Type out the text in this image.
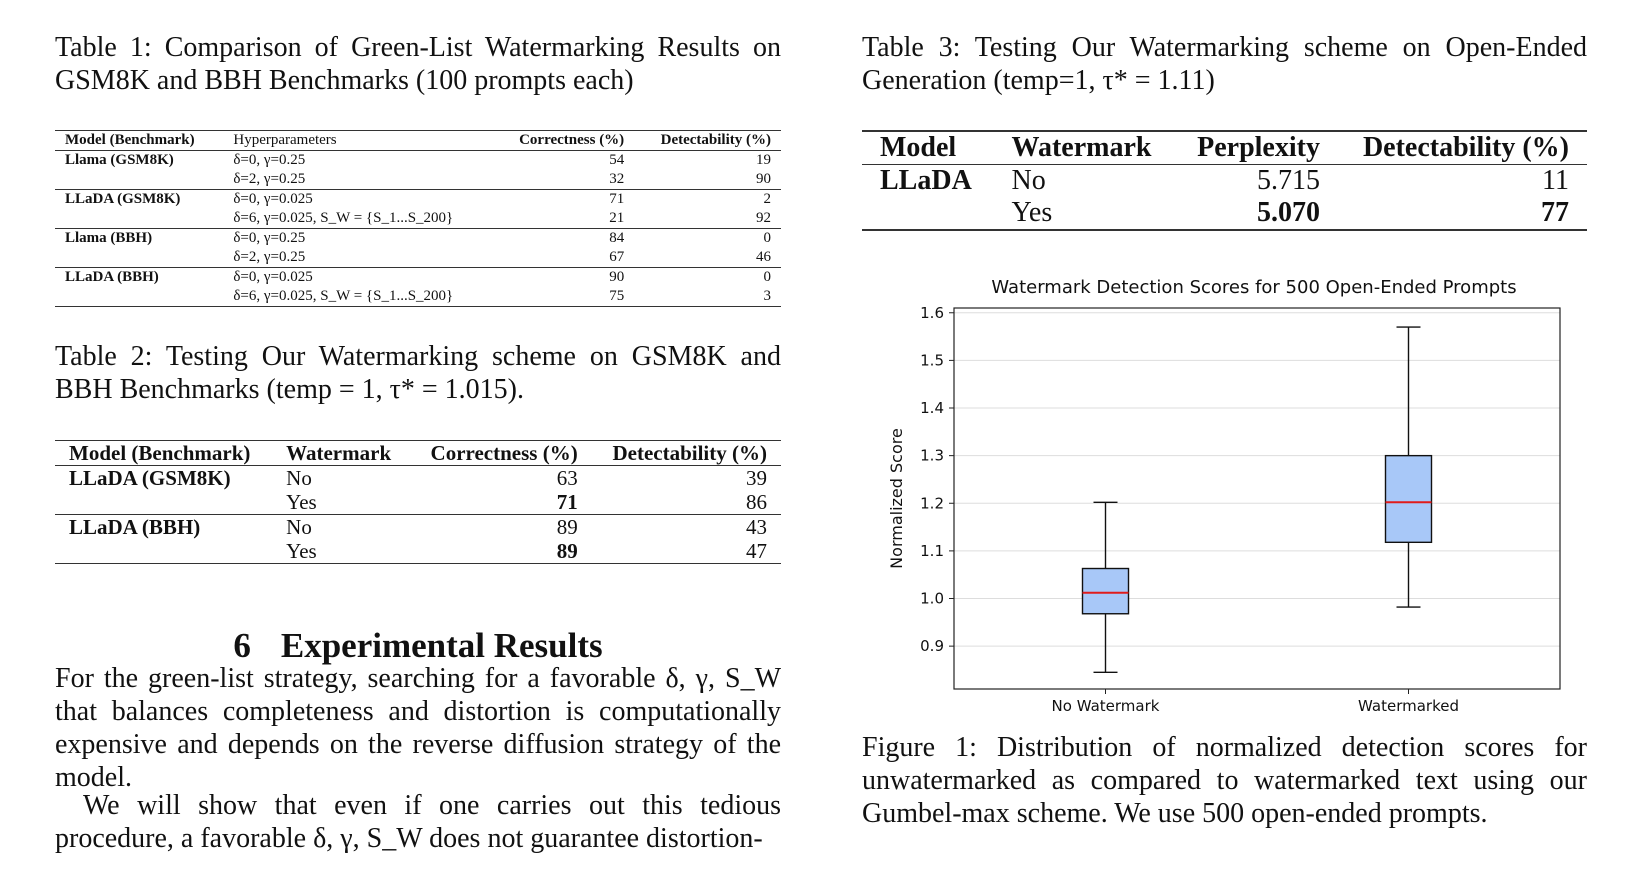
Table 1: Comparison of Green-List Watermarking Results on GSM8K and BBH Benchmarks (100 prompts each)

Model (Benchmark)	Hyperparameters	Correctness (%)	Detectability (%)
Llama (GSM8K)	δ=0, γ=0.25	54	19
	δ=2, γ=0.25	32	90
LLaDA (GSM8K)	δ=0, γ=0.025	71	2
	δ=6, γ=0.025, S_W = {S_1...S_200}	21	92
Llama (BBH)	δ=0, γ=0.25	84	0
	δ=2, γ=0.25	67	46
LLaDA (BBH)	δ=0, γ=0.025	90	0
	δ=6, γ=0.025, S_W = {S_1...S_200}	75	3

Table 2: Testing Our Watermarking scheme on GSM8K and BBH Benchmarks (temp = 1, τ* = 1.015).

Model (Benchmark)	Watermark	Correctness (%)	Detectability (%)
LLaDA (GSM8K)	No	63	39
	Yes	71	86
LLaDA (BBH)	No	89	43
	Yes	89	47
6 Experimental Results

For the green-list strategy, searching for a favorable δ, γ, S_W that balances completeness and distortion is computationally expensive and depends on the reverse diffusion strategy of the model.

We will show that even if one carries out this tedious procedure, a favorable δ, γ, S_W does not guarantee distortion-

Table 3: Testing Our Watermarking scheme on Open-Ended Generation (temp=1, τ* = 1.11)

Model	Watermark	Perplexity	Detectability (%)
LLaDA	No	5.715	11
	Yes	5.070	77
Watermark Detection Scores for 500 Open-Ended Prompts
Normalized Score
0.9
1.0
1.1
1.2
1.3
1.4
1.5
1.6
No Watermark	Watermarked

Figure 1: Distribution of normalized detection scores for unwatermarked as compared to watermarked text using our Gumbel-max scheme. We use 500 open-ended prompts.
